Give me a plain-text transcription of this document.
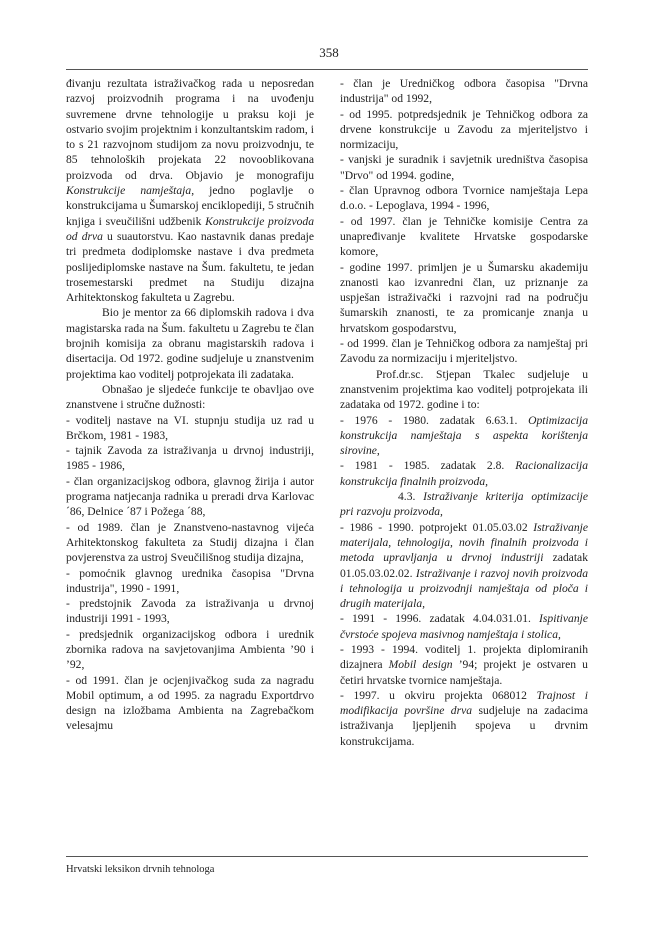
358

đivanju rezultata istraživačkog rada u neposredan razvoj proizvodnih programa i na uvođenju suvremene drvne tehnologije u praksu koji je ostvario svojim projektnim i konzultantskim radom, i to s 21 razvojnom studijom za novu proizvodnju, te 85 tehnoloških projekata 22 novooblikovana proizvoda od drva. Objavio je monografiju Konstrukcije namještaja, jedno poglavlje o konstrukcijama u Šumarskoj enciklopediji, 5 stručnih knjiga i sveučilišni udžbenik Konstrukcije proizvoda od drva u suautorstvu. Kao nastavnik danas predaje tri predmeta dodiplomske nastave i dva predmeta poslijediplomske nastave na Šum. fakultetu, te jedan trosemestarski predmet na Studiju dizajna Arhitektonskog fakulteta u Zagrebu.

Bio je mentor za 66 diplomskih radova i dva magistarska rada na Šum. fakultetu u Zagrebu te član brojnih komisija za obranu magistarskih radova i disertacija. Od 1972. godine sudjeluje u znanstvenim projektima kao voditelj potprojekata ili zadataka.

Obnašao je sljedeće funkcije te obavljao ove znanstvene i stručne dužnosti:

- voditelj nastave na VI. stupnju studija uz rad u Brčkom, 1981 - 1983,

- tajnik Zavoda za istraživanja u drvnoj industriji, 1985 - 1986,

- član organizacijskog odbora, glavnog žirija i autor programa natjecanja radnika u preradi drva Karlovac ´86, Delnice ´87 i Požega ´88,

- od 1989. član je Znanstveno-nastavnog vijeća Arhitektonskog fakulteta za Studij dizajna i član povjerenstva za ustroj Sveučilišnog studija dizajna,

- pomoćnik glavnog urednika časopisa "Drvna industrija", 1990 - 1991,

- predstojnik Zavoda za istraživanja u drvnoj industriji 1991 - 1993,

- predsjednik organizacijskog odbora i urednik zbornika radova na savjetovanjima Ambienta ’90 i ’92,

- od 1991. član je ocjenjivačkog suda za nagradu Mobil optimum, a od 1995. za nagradu Exportdrvo design na izložbama Ambienta na Zagrebačkom velesajmu

- član je Uredničkog odbora časopisa "Drvna industrija" od 1992,

- od 1995. potpredsjednik je Tehničkog odbora za drvene konstrukcije u Zavodu za mjeriteljstvo i normizaciju,

- vanjski je suradnik i savjetnik uredništva časopisa "Drvo" od 1994. godine,

- član Upravnog odbora Tvornice namještaja Lepa d.o.o. - Lepoglava, 1994 - 1996,

- od 1997. član je Tehničke komisije Centra za unapređivanje kvalitete Hrvatske gospodarske komore,

- godine 1997. primljen je u Šumarsku akademiju znanosti kao izvanredni član, uz priznanje za uspješan istraživački i razvojni rad na području šumarskih znanosti, te za promicanje znanja u hrvatskom gospodarstvu,

- od 1999. član je Tehničkog odbora za namještaj pri Zavodu za normizaciju i mjeriteljstvo.

Prof.dr.sc. Stjepan Tkalec sudjeluje u znanstvenim projektima kao voditelj potprojekata ili zadataka od 1972. godine i to:

- 1976 - 1980. zadatak 6.63.1. Optimizacija konstrukcija namještaja s aspekta korištenja sirovine,

- 1981 - 1985. zadatak 2.8. Racionalizacija konstrukcija finalnih proizvoda,

4.3. Istraživanje kriterija optimizacije pri razvoju proizvoda,

- 1986 - 1990. potprojekt 01.05.03.02 Istraživanje materijala, tehnologija, novih finalnih proizvoda i metoda upravljanja u drvnoj industriji zadatak 01.05.03.02.02. Istraživanje i razvoj novih proizvoda i tehnologija u proizvodnji namještaja od ploča i drugih materijala,

- 1991 - 1996. zadatak 4.04.031.01. Ispitivanje čvrstoće spojeva masivnog namještaja i stolica,

- 1993 - 1994. voditelj 1. projekta diplomiranih dizajnera Mobil design ’94; projekt je ostvaren u četiri hrvatske tvornice namještaja.

- 1997. u okviru projekta 068012 Trajnost i modifikacija površine drva sudjeluje na zadacima istraživanja ljepljenih spojeva u drvnim konstrukcijama.

Hrvatski leksikon drvnih tehnologa
